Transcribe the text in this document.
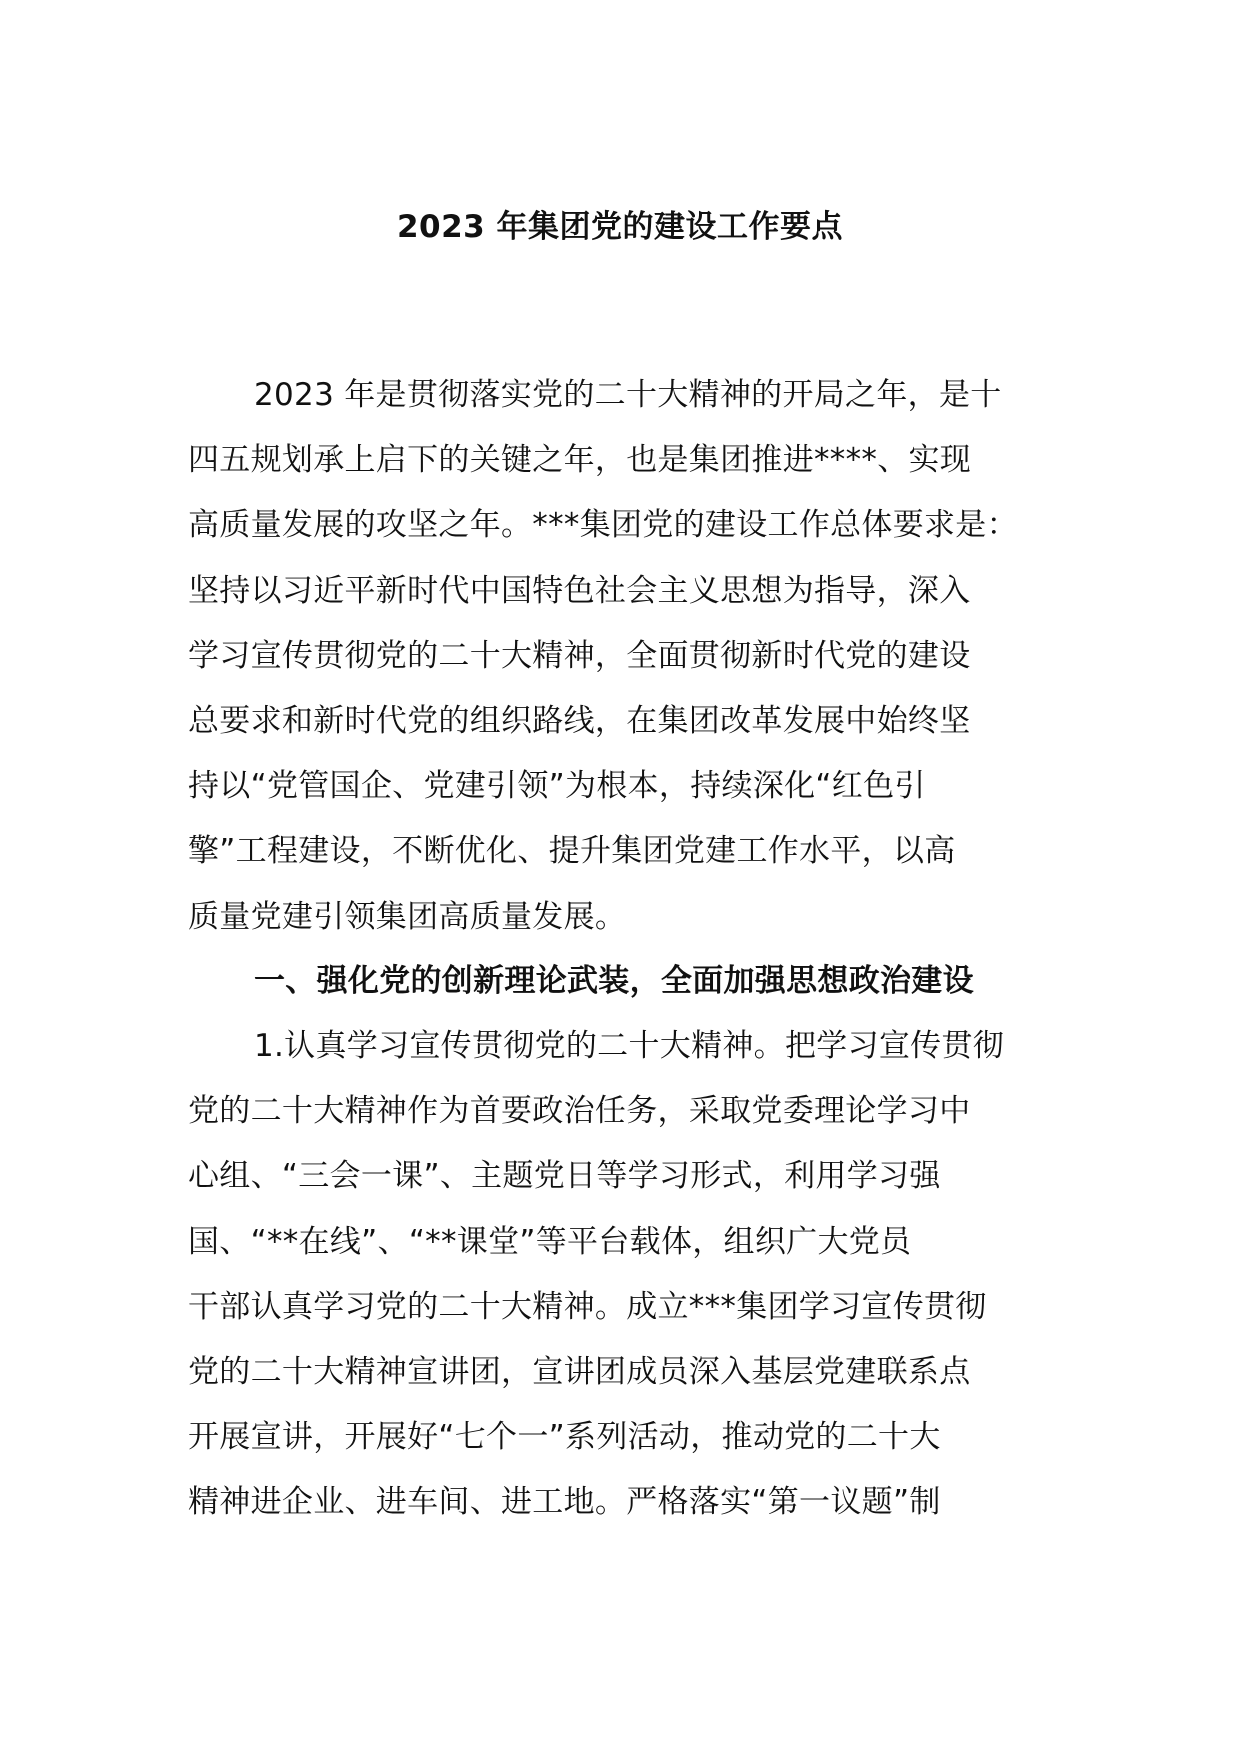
2023 年集团党的建设工作要点

2023 年是贯彻落实党的二十大精神的开局之年，是十
四五规划承上启下的关键之年，也是集团推进****、实现
高质量发展的攻坚之年。***集团党的建设工作总体要求是：
坚持以习近平新时代中国特色社会主义思想为指导，深入
学习宣传贯彻党的二十大精神，全面贯彻新时代党的建设
总要求和新时代党的组织路线，在集团改革发展中始终坚
持以“党管国企、党建引领”为根本，持续深化“红色引
擎”工程建设，不断优化、提升集团党建工作水平，以高
质量党建引领集团高质量发展。

一、强化党的创新理论武装，全面加强思想政治建设

1.认真学习宣传贯彻党的二十大精神。把学习宣传贯彻
党的二十大精神作为首要政治任务，采取党委理论学习中
心组、“三会一课”、主题党日等学习形式，利用学习强
国、“**在线”、“**课堂”等平台载体，组织广大党员
干部认真学习党的二十大精神。成立***集团学习宣传贯彻
党的二十大精神宣讲团，宣讲团成员深入基层党建联系点
开展宣讲，开展好“七个一”系列活动，推动党的二十大
精神进企业、进车间、进工地。严格落实“第一议题”制
